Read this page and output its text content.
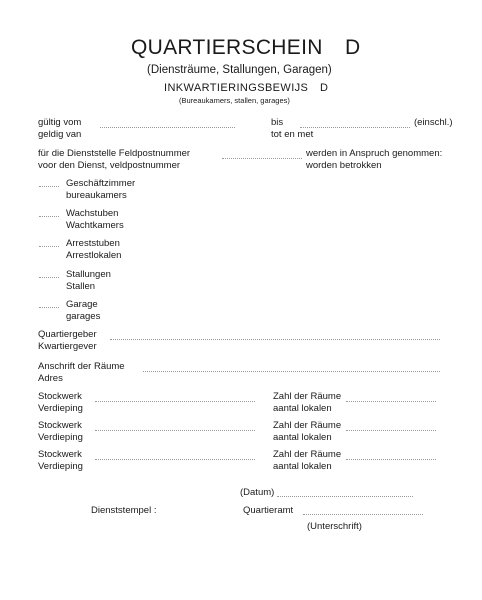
QUARTIERSCHEIN D
(Diensträume, Stallungen, Garagen)
INKWARTIERINGSBEWIJS D
(Bureaukamers, stallen, garages)
gültig vom
geldig van
bis
tot en met
(einschl.)
für die Dienststelle Feldpostnummer
voor den Dienst, veldpostnummer
werden in Anspruch genommen:
worden betrokken
Geschäftzimmer
bureaukamers
Wachstuben
Wachtkamers
Arreststuben
Arrestlokalen
Stallungen
Stallen
Garage
garages
Quartiergeber
Kwartiergever
Anschrift der Räume
Adres
Stockwerk
Verdieping
Zahl der Räume
aantal lokalen
Stockwerk
Verdieping
Zahl der Räume
aantal lokalen
Stockwerk
Verdieping
Zahl der Räume
aantal lokalen
(Datum)
Dienststempel :	Quartieramt
(Unterschrift)
